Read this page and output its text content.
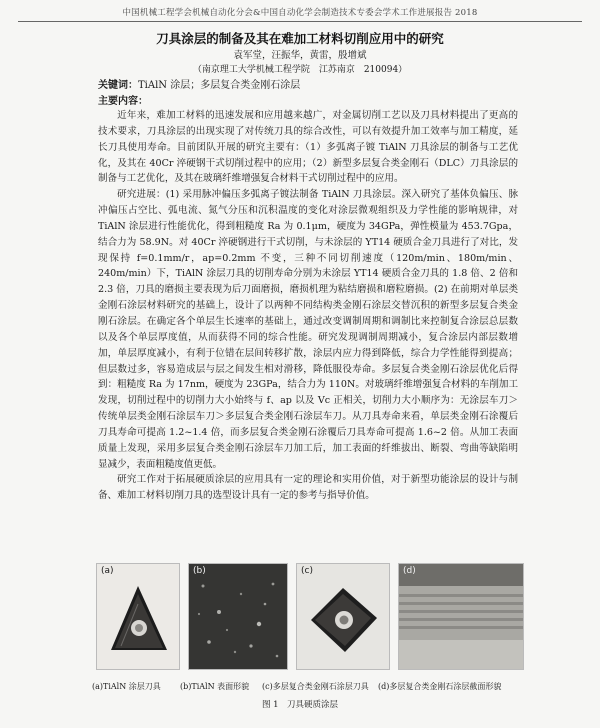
中国机械工程学会机械自动化分会&中国自动化学会制造技术专委会学术工作进展报告 2018
刀具涂层的制备及其在难加工材料切削应用中的研究
袁军堂，汪振华，黄雷，殷增斌
（南京理工大学机械工程学院　江苏南京　210094）
关键词：TiAlN 涂层；多层复合类金刚石涂层
主要内容：

近年来，难加工材料的迅速发展和应用越来越广，对金属切削工艺以及刀具材料提出了更高的技术要求，刀具涂层的出现实现了对传统刀具的综合改性，可以有效提升加工效率与加工精度，延长刀具使用寿命。目前团队开展的研究主要有：（1）多弧离子镀 TiAlN 刀具涂层的制备与工艺优化，及其在 40Cr 淬硬钢干式切削过程中的应用；（2）新型多层复合类金刚石（DLC）刀具涂层的制备与工艺优化，及其在玻璃纤维增强复合材料干式切削过程中的应用。

研究进展：(1) 采用脉冲偏压多弧离子镀法制备 TiAlN 刀具涂层。深入研究了基体负偏压、脉冲偏压占空比、弧电流、氮气分压和沉积温度的变化对涂层微观组织及力学性能的影响规律，对 TiAlN 涂层进行性能优化，得到粗糙度 Ra 为 0.1μm，硬度为 34GPa，弹性模量为 453.7Gpa，结合力为 58.9N。对 40Cr 淬硬钢进行干式切削，与未涂层的 YT14 硬质合金刀具进行了对比，发现保持 f=0.1mm/r，ap=0.2mm 不变，三种不同切削速度（120m/min、180m/min、240m/min）下，TiAlN 涂层刀具的切削寿命分别为未涂层 YT14 硬质合金刀具的 1.8 倍、2 倍和 2.3 倍，刀具的磨损主要表现为后刀面磨损，磨损机理为粘结磨损和磨粒磨损。(2) 在前期对单层类金刚石涂层材料研究的基础上，设计了以两种不同结构类金刚石涂层交替沉积的新型多层复合类金刚石涂层。在确定各个单层生长速率的基础上，通过改变调制周期和调制比来控制复合涂层总层数以及各个单层厚度值，从而获得不同的综合性能。研究发现调制周期减小，复合涂层内部层数增加，单层厚度减小，有利于位错在层间转移扩散，涂层内应力得到降低，综合力学性能得到提高；但层数过多，容易造成层与层之间发生相对滑移，降低服役寿命。多层复合类金刚石涂层优化后得到：粗糙度 Ra 为 17nm，硬度为 23GPa，结合力为 110N。对玻璃纤维增强复合材料的车削加工发现，切削过程中的切削力大小始终与 f、ap 以及 Vc 正相关，切削力大小顺序为：无涂层车刀＞传统单层类金刚石涂层车刀＞多层复合类金刚石涂层车刀。从刀具寿命来看，单层类金刚石涂覆后刀具寿命可提高 1.2~1.4 倍，而多层复合类金刚石涂覆后刀具寿命可提高 1.6~2 倍。从加工表面质量上发现，采用多层复合类金刚石涂层车刀加工后，加工表面的纤维拔出、断裂、弯曲等缺陷明显减少，表面粗糙度值更低。

研究工作对于拓展硬质涂层的应用具有一定的理论和实用价值，对于新型功能涂层的设计与制备、难加工材料切削刀具的选型设计具有一定的参考与指导价值。

(a)	(b)	(c)	(d)
(a)TiAlN 涂层刀具 (b)TiAlN 表面形貌 (c)多层复合类金刚石涂层刀具 (d)多层复合类金刚石涂层截面形貌
图 1　刀具硬质涂层
